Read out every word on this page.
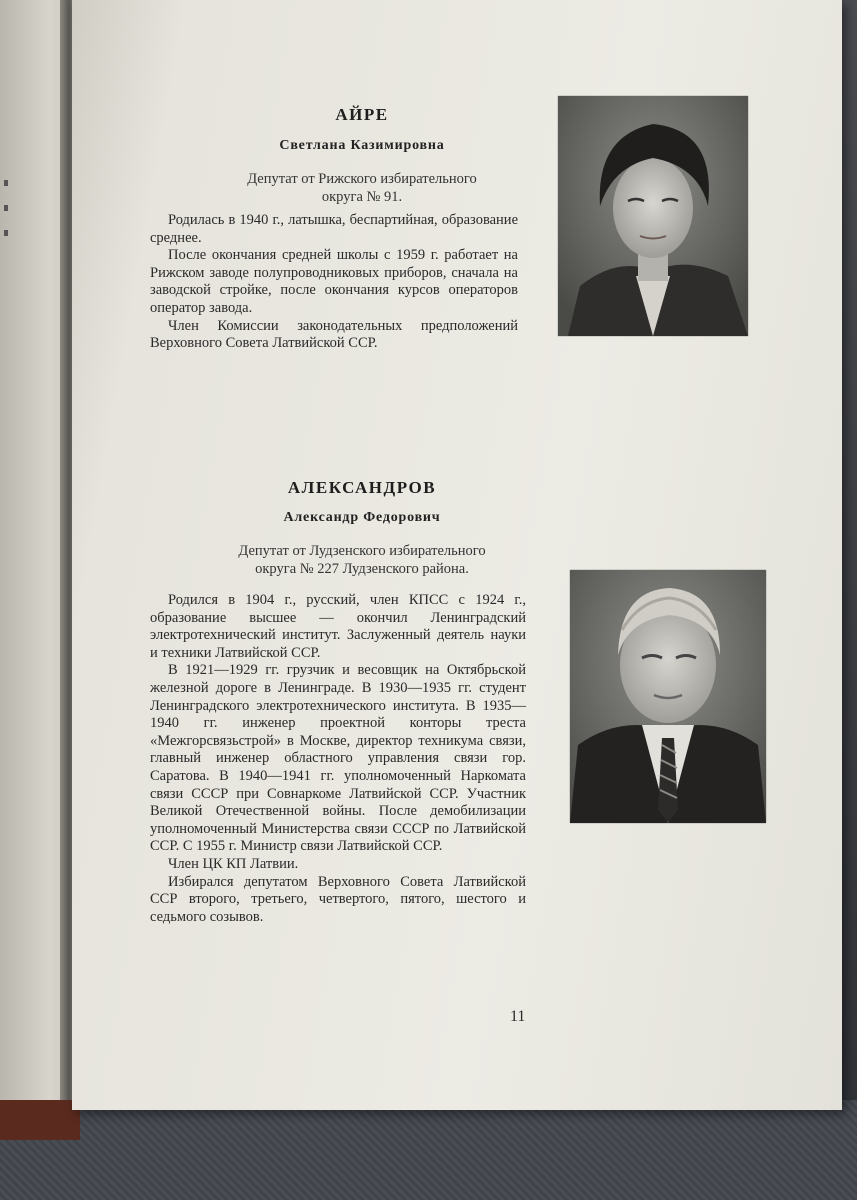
АЙРЕ
Светлана Казимировна
Депутат от Рижского избирательного
округа № 91.

Родилась в 1940 г., латышка, беспартийная, образование среднее.

После окончания средней школы с 1959 г. работает на Рижском заводе полупроводниковых приборов, сначала на заводской стройке, после окончания курсов операторов оператор завода.

Член Комиссии законодательных предположений Верховного Совета Латвийской ССР.

АЛЕКСАНДРОВ
Александр Федорович
Депутат от Лудзенского избирательного
округа № 227 Лудзенского района.

Родился в 1904 г., русский, член КПСС с 1924 г., образование высшее — окончил Ленинградский электротехнический институт. Заслуженный деятель науки и техники Латвийской ССР.

В 1921—1929 гг. грузчик и весовщик на Октябрьской железной дороге в Ленинграде. В 1930—1935 гг. студент Ленинградского электротехнического института. В 1935—1940 гг. инженер проектной конторы треста «Межгорсвязьстрой» в Москве, директор техникума связи, главный инженер областного управления связи гор. Саратова. В 1940—1941 гг. уполномоченный Наркомата связи СССР при Совнаркоме Латвийской ССР. Участник Великой Отечественной войны. После демобилизации уполномоченный Министерства связи СССР по Латвийской ССР. С 1955 г. Министр связи Латвийской ССР.

Член ЦК КП Латвии.

Избирался депутатом Верховного Совета Латвийской ССР второго, третьего, четвертого, пятого, шестого и седьмого созывов.

11
